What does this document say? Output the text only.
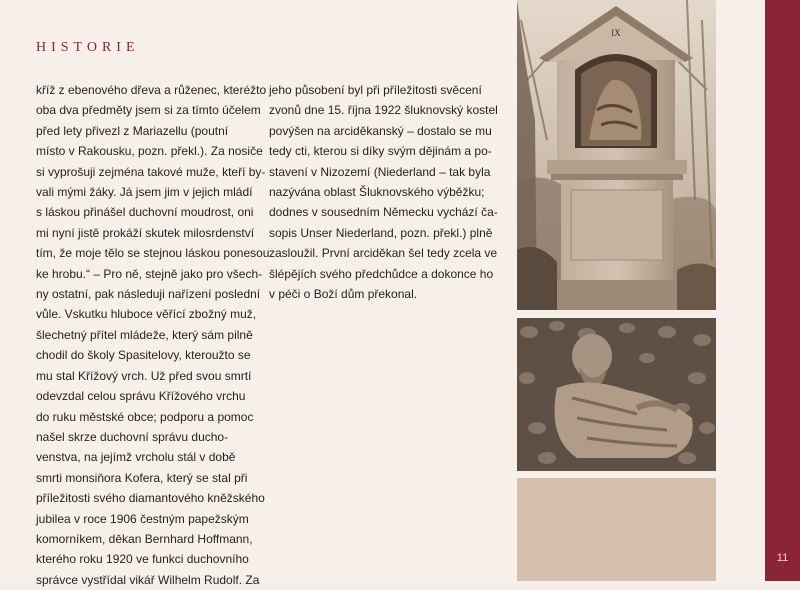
HISTORIE

kříž z ebenového dřeva a růženec, kteréžto
oba dva předměty jsem si za tímto účelem
před lety přivezl z Mariazellu (poutní
místo v Rakousku, pozn. překl.). Za nosiče
si vyprošuji zejména takové muže, kteří by-
vali mými žáky. Já jsem jim v jejich mládí
s láskou přinášel duchovní moudrost, oni
mi nyní jistě prokáží skutek milosrdenství
tím, že moje tělo se stejnou láskou ponesou
ke hrobu.“ – Pro ně, stejně jako pro všech-
ny ostatní, pak následuji nařízení poslední
vůle. Vskutku hluboce věřící zbožný muž,
šlechetný přítel mládeže, který sám pilně
chodil do školy Spasitelovy, kteroužto se
mu stal Křížový vrch. Už před svou smrtí
odevzdal celou správu Křížového vrchu
do ruku městské obce; podporu a pomoc
našel skrze duchovní správu ducho-
venstva, na jejímž vrcholu stál v době
smrti monsiňora Kofera, který se stal při
příležitosti svého diamantového kněžského
jubilea v roce 1906 čestným papežským
komorníkem, děkan Bernhard Hoffmann,
kterého roku 1920 ve funkci duchovního
správce vystřídal vikář Wilhelm Rudolf. Za

jeho působení byl při příležitosti svěcení
zvonů dne 15. října 1922 šluknovský kostel
povýšen na arciděkanský – dostalo se mu
tedy cti, kterou si díky svým dějinám a po-
stavení v Nizozemí (Niederland – tak byla
nazývána oblast Šluknovského výběžku;
dodnes v sousedním Německu vychází ča-
sopis Unser Niederland, pozn. překl.) plně
zasloužil. První arciděkan šel tedy zcela ve
šlépějích svého předchůdce a dokonce ho
v péči o Boží dům překonal.

IX
11
